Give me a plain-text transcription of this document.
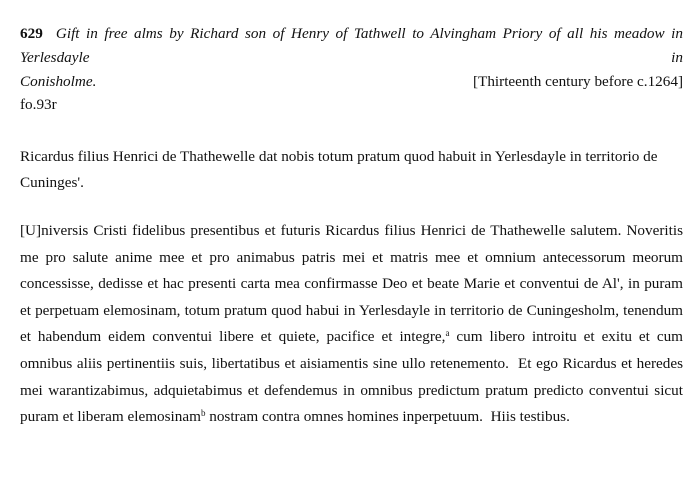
629 Gift in free alms by Richard son of Henry of Tathwell to Alvingham Priory of all his meadow in Yerlesdayle in
Conisholme.	[Thirteenth century before c.1264]
fo.93r
Ricardus filius Henrici de Thathewelle dat nobis totum pratum quod habuit in Yerlesdayle in territorio de Cuninges'.
[U]niversis Cristi fidelibus presentibus et futuris Ricardus filius Henrici de Thathewelle salutem. Noveritis me pro salute anime mee et pro animabus patris mei et matris mee et omnium antecessorum meorum concessisse, dedisse et hac presenti carta mea confirmasse Deo et beate Marie et conventui de Al', in puram et perpetuam elemosinam, totum pratum quod habui in Yerlesdayle in territorio de Cuningesholm, tenendum et habendum eidem conventui libere et quiete, pacifice et integre,$^a$ cum libero introitu et exitu et cum omnibus aliis pertinentiis suis, libertatibus et aisiamentis sine ullo retenemento.  Et ego Ricardus et heredes mei warantizabimus, adquietabimus et defendemus in omnibus predictum pratum predicto conventui sicut puram et liberam elemosinam$^b$ nostram contra omnes homines inperpetuum.  Hiis testibus.
